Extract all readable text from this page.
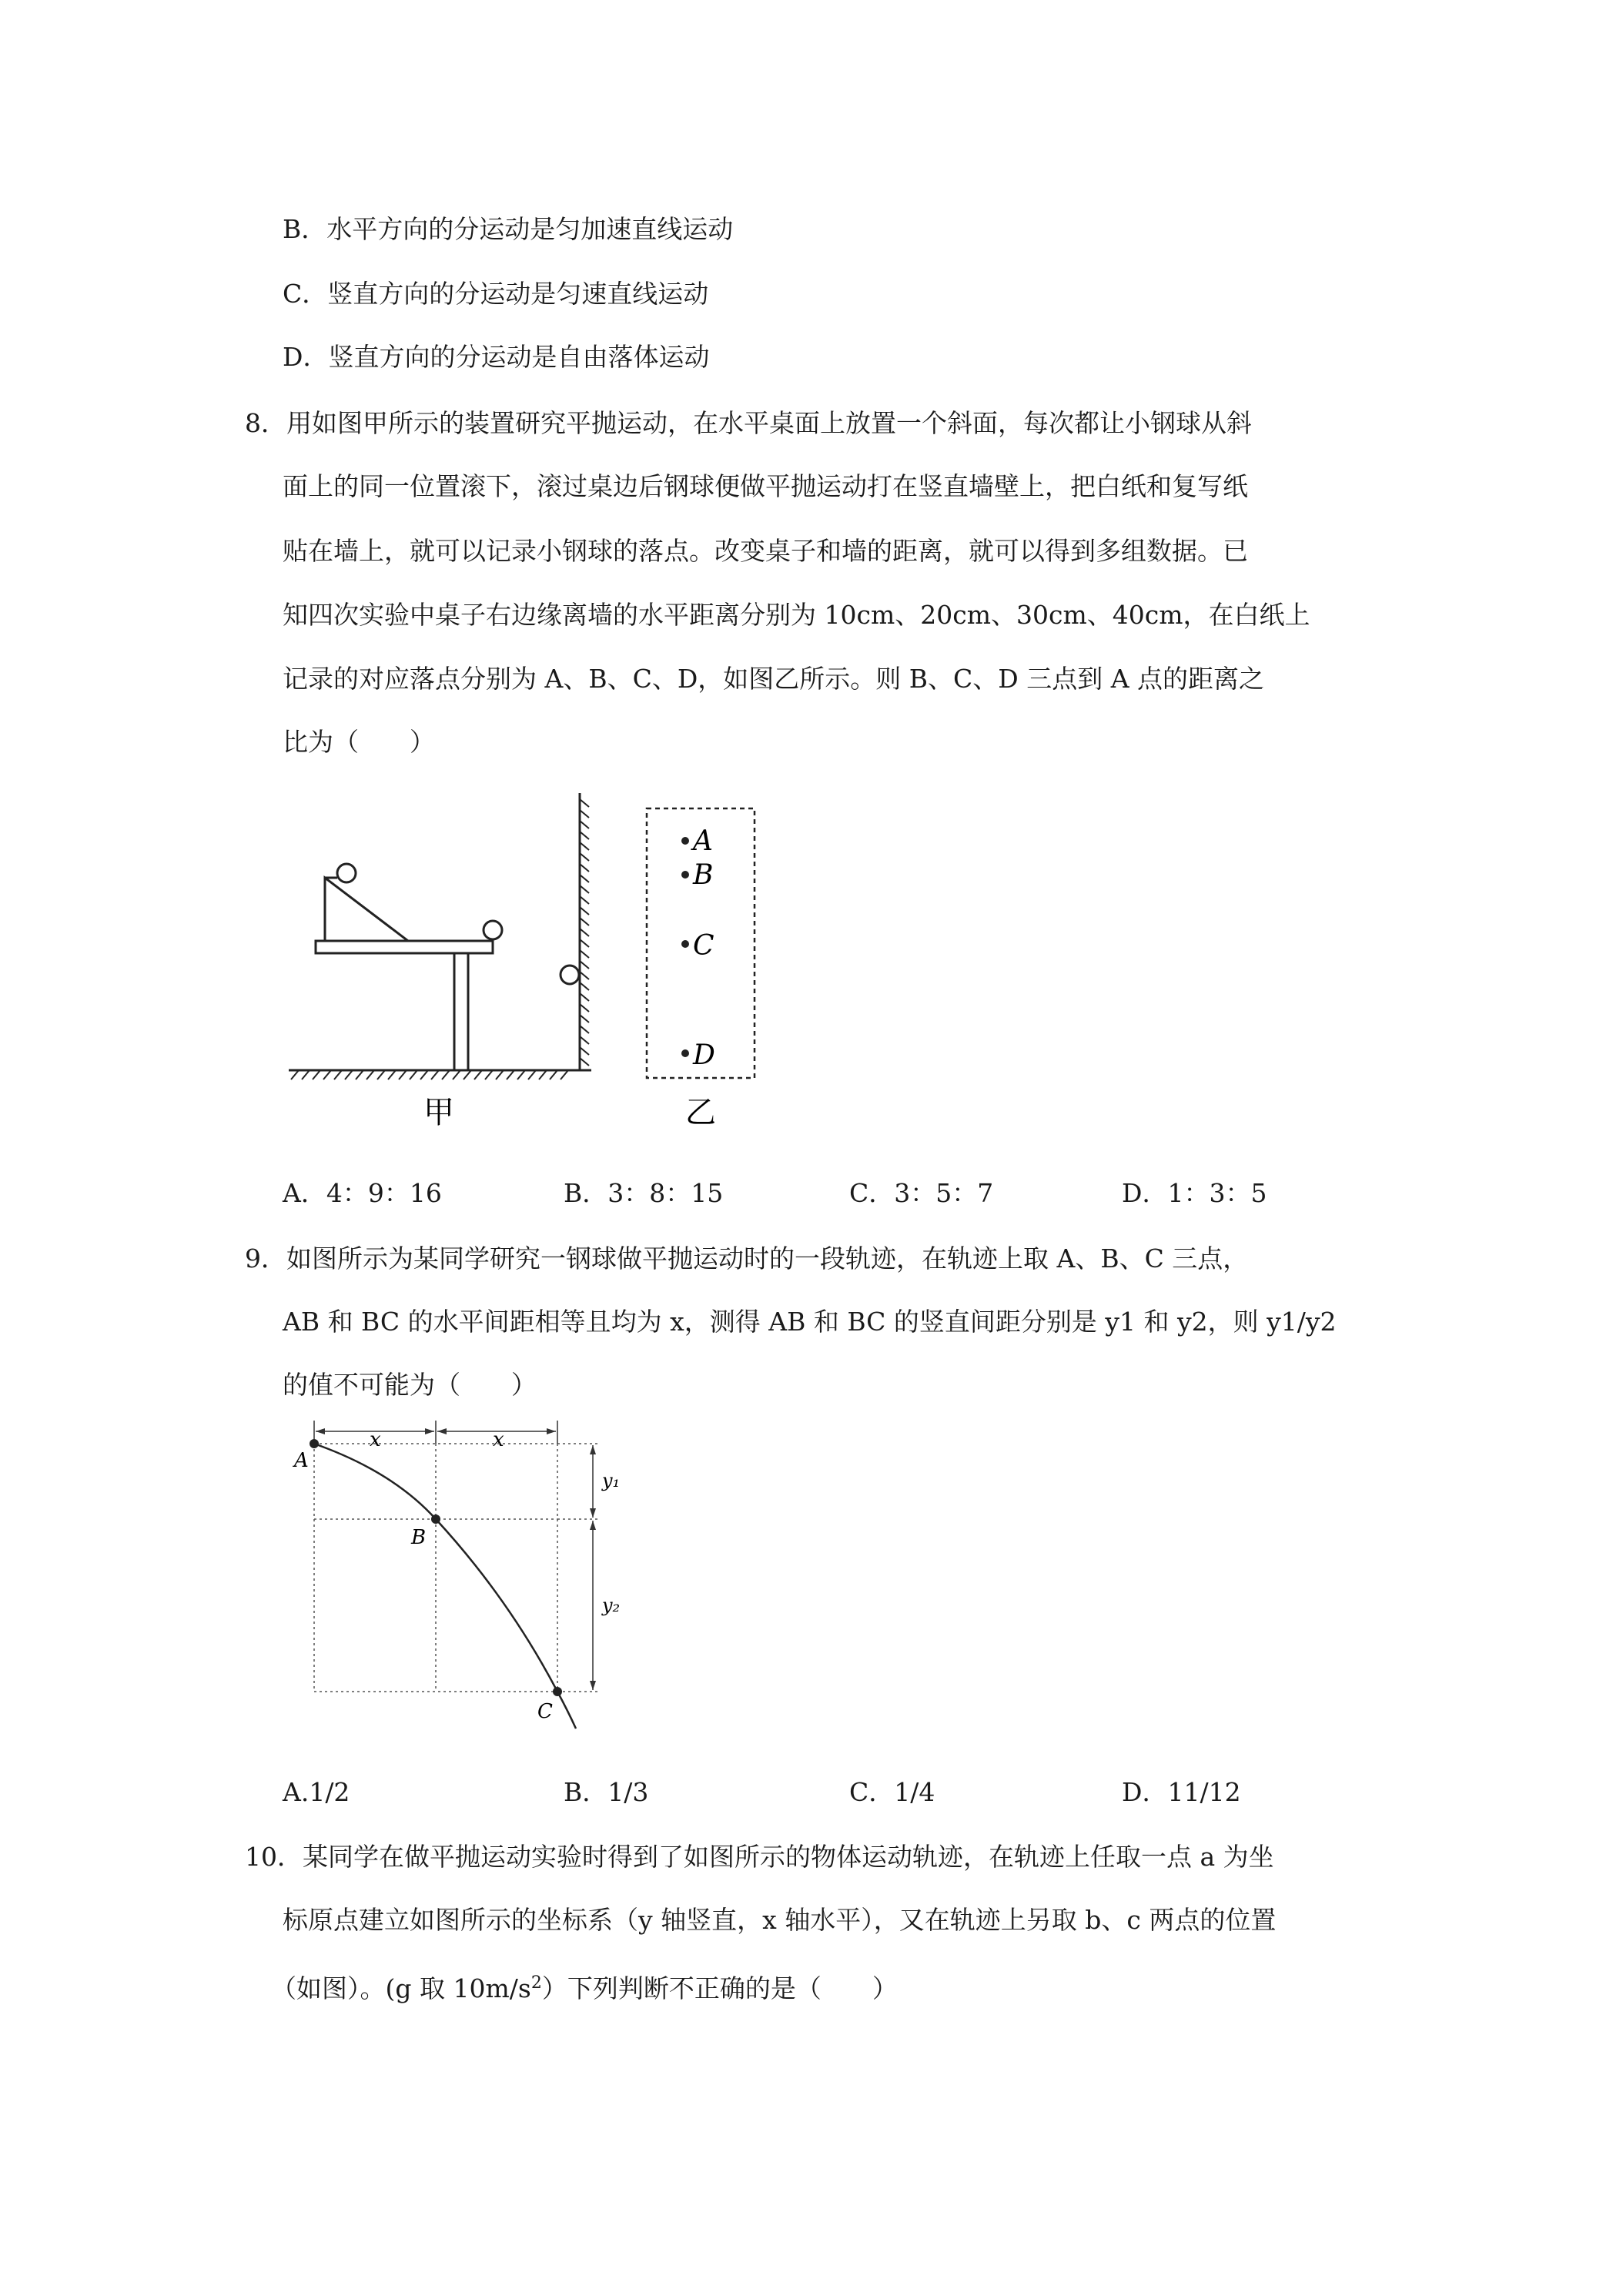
B．水平方向的分运动是匀加速直线运动
C．竖直方向的分运动是匀速直线运动
D．竖直方向的分运动是自由落体运动
8．用如图甲所示的装置研究平抛运动，在水平桌面上放置一个斜面，每次都让小钢球从斜
面上的同一位置滚下，滚过桌边后钢球便做平抛运动打在竖直墙壁上，把白纸和复写纸
贴在墙上，就可以记录小钢球的落点。改变桌子和墙的距离，就可以得到多组数据。已
知四次实验中桌子右边缘离墙的水平距离分别为 10cm、20cm、30cm、40cm，在白纸上
记录的对应落点分别为 A、B、C、D，如图乙所示。则 B、C、D 三点到 A 点的距离之
比为（　　）
A
B
C
D
甲	乙
A．4：9：16	B．3：8：15	C．3：5：7	D．1：3：5
9．如图所示为某同学研究一钢球做平抛运动时的一段轨迹，在轨迹上取 A、B、C 三点，
AB 和 BC 的水平间距相等且均为 x，测得 AB 和 BC 的竖直间距分别是 y1 和 y2，则 y1/y2
的值不可能为（　　）
x	x
y₁
y₂
A
B
C
A.1/2	B．1/3	C．1/4	D．11/12
10．某同学在做平抛运动实验时得到了如图所示的物体运动轨迹，在轨迹上任取一点 a 为坐
标原点建立如图所示的坐标系（y 轴竖直，x 轴水平），又在轨迹上另取 b、c 两点的位置
（如图）。(g 取 $10m/s^2$）下列判断不正确的是（　　）
